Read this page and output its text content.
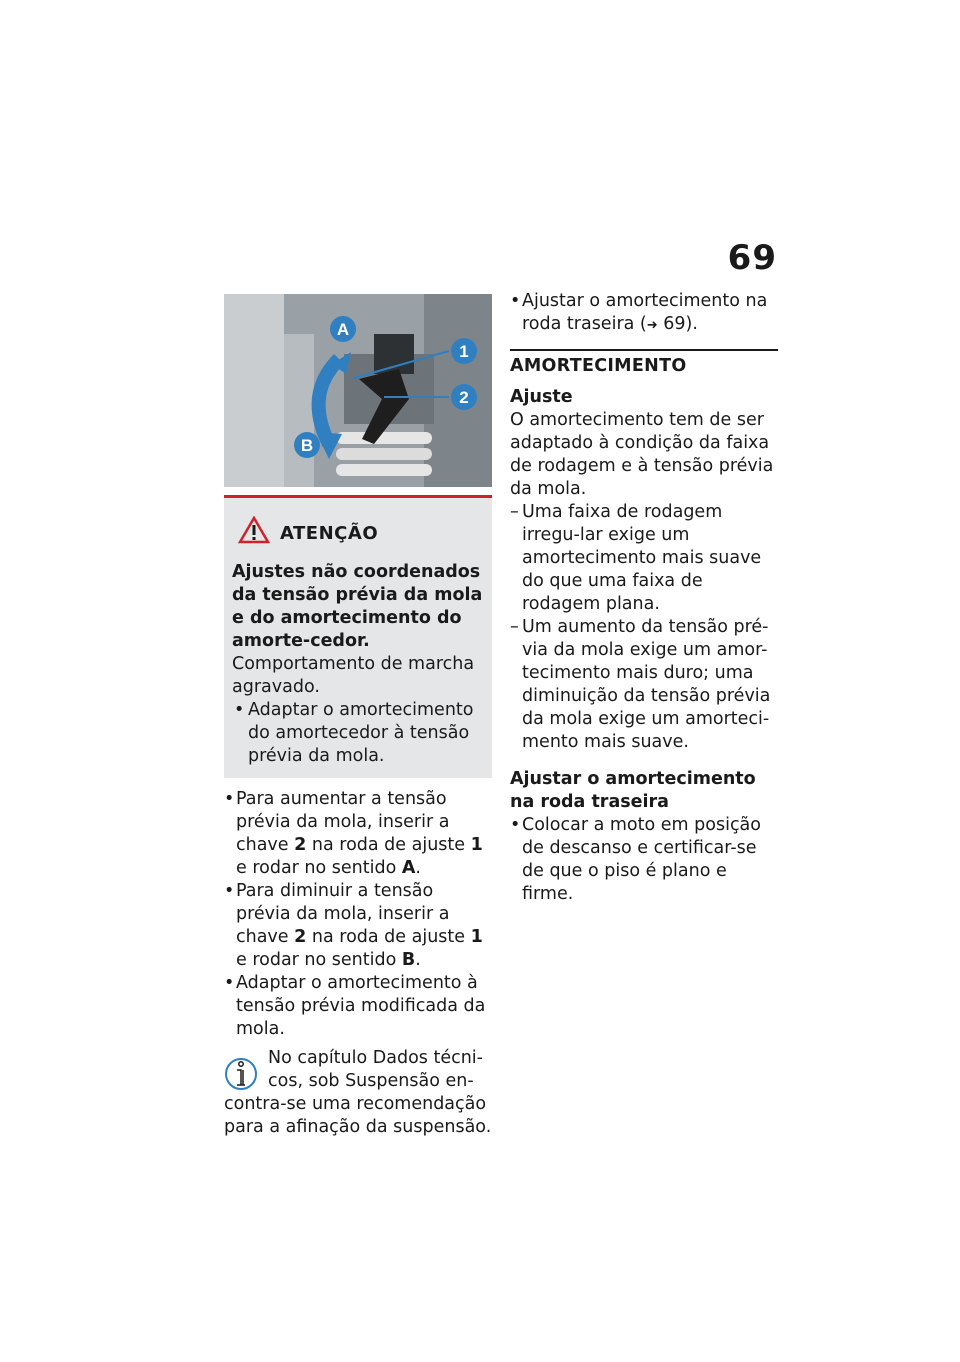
69
A
1
2
B
ATENÇÃO

Ajustes não coordenados da tensão prévia da mola e do amortecimento do amorte-cedor.

Comportamento de marcha agravado.

• Adaptar o amortecimento do amortecedor à tensão prévia da mola.

• Para aumentar a tensão prévia da mola, inserir a chave 2 na roda de ajuste 1 e rodar no sentido A.

• Para diminuir a tensão prévia da mola, inserir a chave 2 na roda de ajuste 1 e rodar no sentido B.

• Adaptar o amortecimento à tensão prévia modificada da mola.

No capítulo Dados técni-
cos, sob Suspensão en-
contra-se uma recomendação para a afinação da suspensão.

• Ajustar o amortecimento na roda traseira (➜ 69).

AMORTECIMENTO
Ajuste

O amortecimento tem de ser adaptado à condição da faixa de rodagem e à tensão prévia da mola.

– Uma faixa de rodagem irregu-lar exige um amortecimento mais suave do que uma faixa de rodagem plana.

– Um aumento da tensão pré-via da mola exige um amor-tecimento mais duro; uma diminuição da tensão prévia da mola exige um amorteci-mento mais suave.

Ajustar o amortecimento na roda traseira

• Colocar a moto em posição de descanso e certificar-se de que o piso é plano e firme.
